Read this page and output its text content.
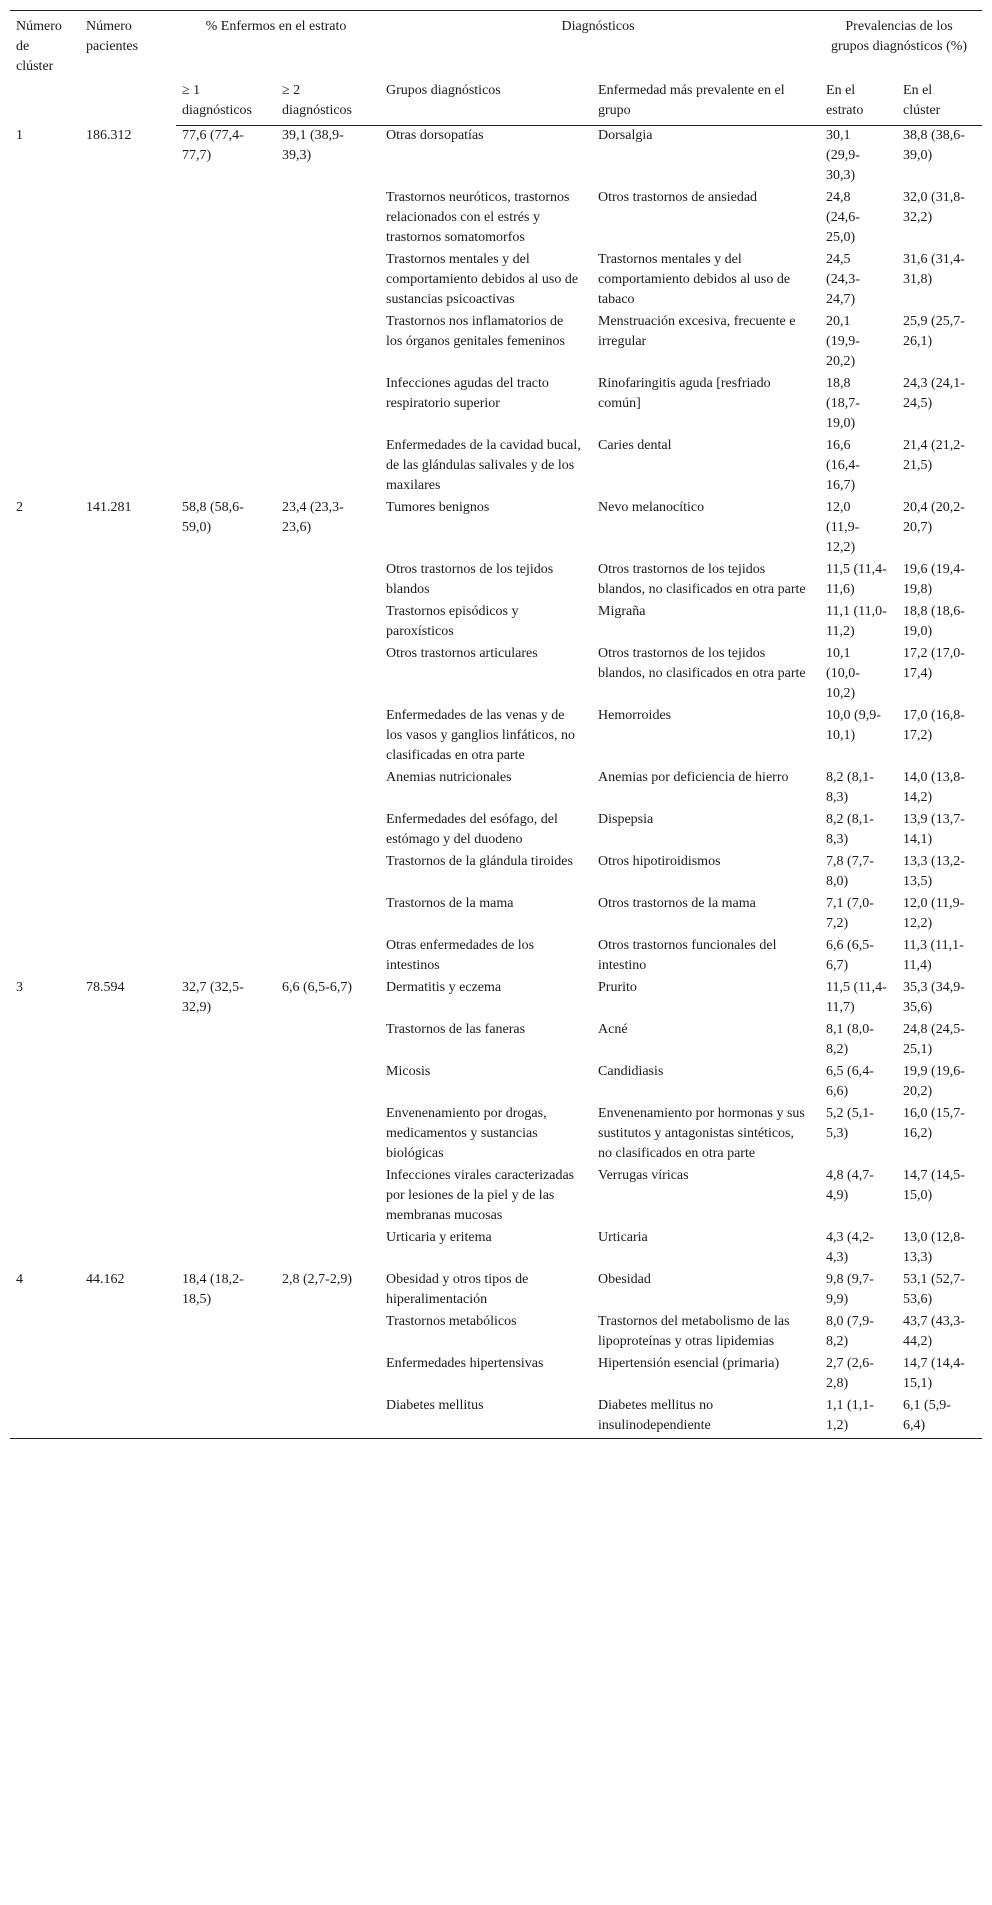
Número de clúster	Número pacientes	% Enfermos en el estrato		Diagnósticos		Prevalencias de los grupos diagnósticos (%)	
		≥ 1 diagnósticos	≥ 2 diagnósticos	Grupos diagnósticos	Enfermedad más prevalente en el grupo	En el estrato	En el clúster
1	186.312	77,6 (77,4-77,7)	39,1 (38,9-39,3)	Otras dorsopatías	Dorsalgia	30,1 (29,9-30,3)	38,8 (38,6-39,0)
				Trastornos neuróticos, trastornos relacionados con el estrés y trastornos somatomorfos	Otros trastornos de ansiedad	24,8 (24,6-25,0)	32,0 (31,8-32,2)
				Trastornos mentales y del comportamiento debidos al uso de sustancias psicoactivas	Trastornos mentales y del comportamiento debidos al uso de tabaco	24,5 (24,3-24,7)	31,6 (31,4-31,8)
				Trastornos nos inflamatorios de los órganos genitales femeninos	Menstruación excesiva, frecuente e irregular	20,1 (19,9-20,2)	25,9 (25,7-26,1)
				Infecciones agudas del tracto respiratorio superior	Rinofaringitis aguda [resfriado común]	18,8 (18,7-19,0)	24,3 (24,1-24,5)
				Enfermedades de la cavidad bucal, de las glándulas salivales y de los maxilares	Caries dental	16,6 (16,4-16,7)	21,4 (21,2-21,5)
2	141.281	58,8 (58,6-59,0)	23,4 (23,3-23,6)	Tumores benignos	Nevo melanocítico	12,0 (11,9-12,2)	20,4 (20,2-20,7)
				Otros trastornos de los tejidos blandos	Otros trastornos de los tejidos blandos, no clasificados en otra parte	11,5 (11,4-11,6)	19,6 (19,4-19,8)
				Trastornos episódicos y paroxísticos	Migraña	11,1 (11,0-11,2)	18,8 (18,6-19,0)
				Otros trastornos articulares	Otros trastornos de los tejidos blandos, no clasificados en otra parte	10,1 (10,0-10,2)	17,2 (17,0-17,4)
				Enfermedades de las venas y de los vasos y ganglios linfáticos, no clasificadas en otra parte	Hemorroides	10,0 (9,9-10,1)	17,0 (16,8-17,2)
				Anemias nutricionales	Anemias por deficiencia de hierro	8,2 (8,1-8,3)	14,0 (13,8-14,2)
				Enfermedades del esófago, del estómago y del duodeno	Dispepsia	8,2 (8,1-8,3)	13,9 (13,7-14,1)
				Trastornos de la glándula tiroides	Otros hipotiroidismos	7,8 (7,7-8,0)	13,3 (13,2-13,5)
				Trastornos de la mama	Otros trastornos de la mama	7,1 (7,0-7,2)	12,0 (11,9-12,2)
				Otras enfermedades de los intestinos	Otros trastornos funcionales del intestino	6,6 (6,5-6,7)	11,3 (11,1-11,4)
3	78.594	32,7 (32,5-32,9)	6,6 (6,5-6,7)	Dermatitis y eczema	Prurito	11,5 (11,4-11,7)	35,3 (34,9-35,6)
				Trastornos de las faneras	Acné	8,1 (8,0-8,2)	24,8 (24,5-25,1)
				Micosis	Candidiasis	6,5 (6,4-6,6)	19,9 (19,6-20,2)
				Envenenamiento por drogas, medicamentos y sustancias biológicas	Envenenamiento por hormonas y sus sustitutos y antagonistas sintéticos, no clasificados en otra parte	5,2 (5,1-5,3)	16,0 (15,7-16,2)
				Infecciones virales caracterizadas por lesiones de la piel y de las membranas mucosas	Verrugas víricas	4,8 (4,7-4,9)	14,7 (14,5-15,0)
				Urticaria y eritema	Urticaria	4,3 (4,2-4,3)	13,0 (12,8-13,3)
4	44.162	18,4 (18,2-18,5)	2,8 (2,7-2,9)	Obesidad y otros tipos de hiperalimentación	Obesidad	9,8 (9,7-9,9)	53,1 (52,7-53,6)
				Trastornos metabólicos	Trastornos del metabolismo de las lipoproteínas y otras lipidemias	8,0 (7,9-8,2)	43,7 (43,3-44,2)
				Enfermedades hipertensivas	Hipertensión esencial (primaria)	2,7 (2,6-2,8)	14,7 (14,4-15,1)
				Diabetes mellitus	Diabetes mellitus no insulinodependiente	1,1 (1,1-1,2)	6,1 (5,9-6,4)
